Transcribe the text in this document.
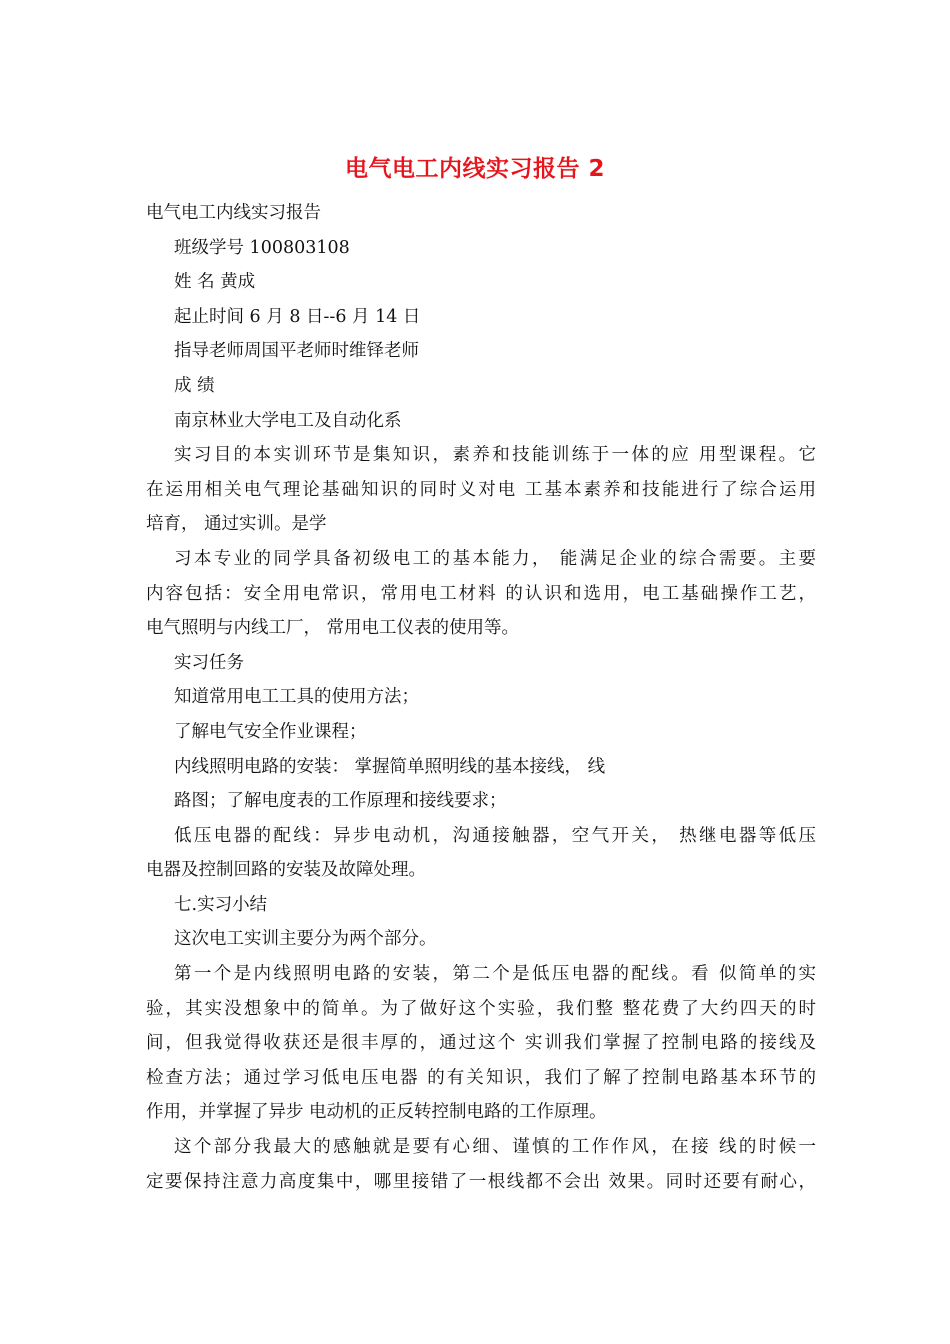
电气电工内线实习报告 2
电气电工内线实习报告
班级学号 100803108
姓 名 黄成
起止时间 6 月 8 日--6 月 14 日
指导老师周国平老师时维铎老师
成 绩
南京林业大学电工及自动化系
实习目的本实训环节是集知识，素养和技能训练于一体的应 用型课程。它
在运用相关电气理论基础知识的同时义对电 工基本素养和技能进行了综合运用
培育， 通过实训。是学
习本专业的同学具备初级电工的基本能力， 能满足企业的综合需要。主要
内容包括：安全用电常识，常用电工材料 的认识和选用，电工基础操作工艺，
电气照明与内线工厂， 常用电工仪表的使用等。
实习任务
知道常用电工工具的使用方法；
了解电气安全作业课程；
内线照明电路的安装： 掌握简单照明线的基本接线， 线
路图；了解电度表的工作原理和接线要求；
低压电器的配线：异步电动机，沟通接触器，空气开关， 热继电器等低压
电器及控制回路的安装及故障处理。
七.实习小结
这次电工实训主要分为两个部分。
第一个是内线照明电路的安装，第二个是低压电器的配线。看 似简单的实
验，其实没想象中的简单。为了做好这个实验，我们整 整花费了大约四天的时
间，但我觉得收获还是很丰厚的，通过这个 实训我们掌握了控制电路的接线及
检查方法；通过学习低电压电器 的有关知识，我们了解了控制电路基本环节的
作用，并掌握了异步 电动机的正反转控制电路的工作原理。
这个部分我最大的感触就是要有心细、谨慎的工作作风，在接 线的时候一
定要保持注意力高度集中，哪里接错了一根线都不会出 效果。同时还要有耐心，
